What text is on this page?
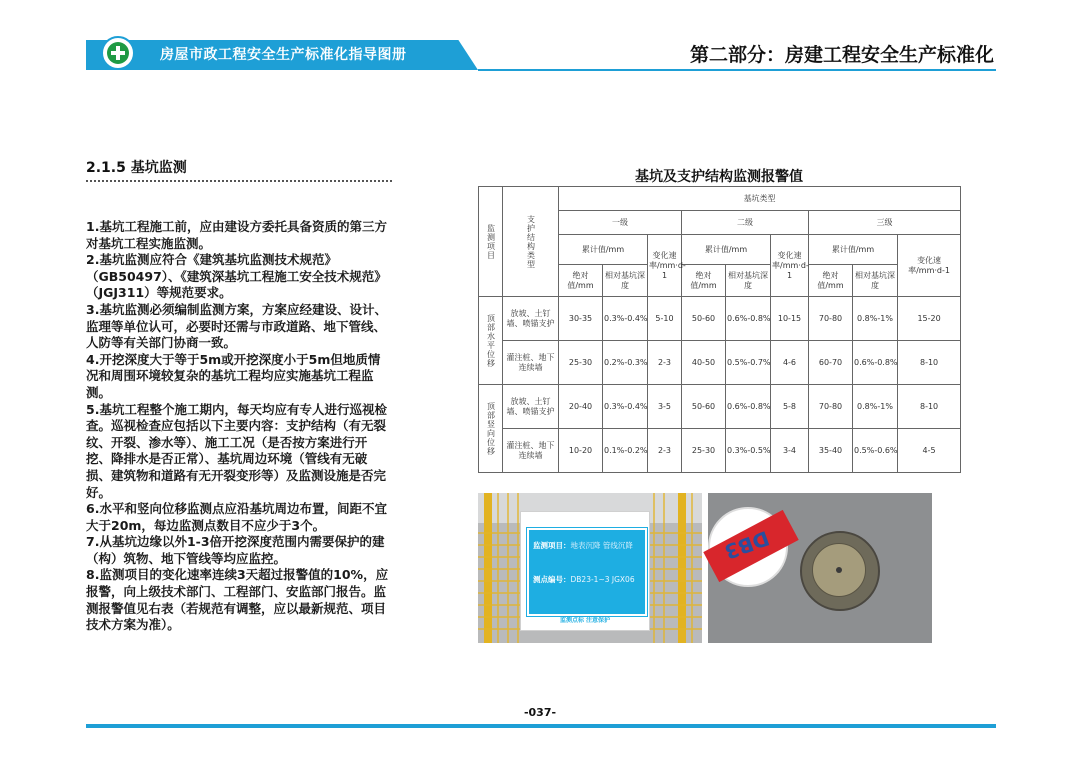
房屋市政工程安全生产标准化指导图册	第二部分：房建工程安全生产标准化
2.1.5 基坑监测
1.基坑工程施工前，应由建设方委托具备资质的第三方对基坑工程实施监测。
2.基坑监测应符合《建筑基坑监测技术规范》（GB50497）、《建筑深基坑工程施工安全技术规范》（JGJ311）等规范要求。
3.基坑监测必须编制监测方案，方案应经建设、设计、监理等单位认可，必要时还需与市政道路、地下管线、人防等有关部门协商一致。
4.开挖深度大于等于5m或开挖深度小于5m但地质情况和周围环境较复杂的基坑工程均应实施基坑工程监测。
5.基坑工程整个施工期内，每天均应有专人进行巡视检查。巡视检查应包括以下主要内容：支护结构（有无裂纹、开裂、渗水等）、施工工况（是否按方案进行开挖、降排水是否正常）、基坑周边环境（管线有无破损、建筑物和道路有无开裂变形等）及监测设施是否完好。
6.水平和竖向位移监测点应沿基坑周边布置，间距不宜大于20m，每边监测点数目不应少于3个。
7.从基坑边缘以外1-3倍开挖深度范围内需要保护的建（构）筑物、地下管线等均应监控。
8.监测项目的变化速率连续3天超过报警值的10%，应报警，向上级技术部门、工程部门、安监部门报告。监测报警值见右表（若规范有调整，应以最新规范、项目技术方案为准）。
基坑及支护结构监测报警值
监测项目	支护结构类型	基坑类型								
		一级			二级			三级		
		累计值/mm		变化速率/mm·d-1	累计值/mm		变化速率/mm·d-1	累计值/mm		变化速率/mm·d-1
		绝对值/mm	相对基坑深度		绝对值/mm	相对基坑深度		绝对值/mm	相对基坑深度	

顶部水平位移	放坡、土钉墙、喷锚支护	30-35	0.3%-0.4%	5-10	50-60	0.6%-0.8%	10-15	70-80	0.8%-1%	15-20
	灌注桩、地下连续墙	25-30	0.2%-0.3%	2-3	40-50	0.5%-0.7%	4-6	60-70	0.6%-0.8%	8-10

顶部竖向位移	放坡、土钉墙、喷锚支护	20-40	0.3%-0.4%	3-5	50-60	0.6%-0.8%	5-8	70-80	0.8%-1%	8-10
	灌注桩、地下连续墙	10-20	0.1%-0.2%	2-3	25-30	0.3%-0.5%	3-4	35-40	0.5%-0.6%	4-5
监测项目：地表沉降 管线沉降
测点编号：DB23-1~3 JGX06
监测点标 注意保护
DB3
-037-
